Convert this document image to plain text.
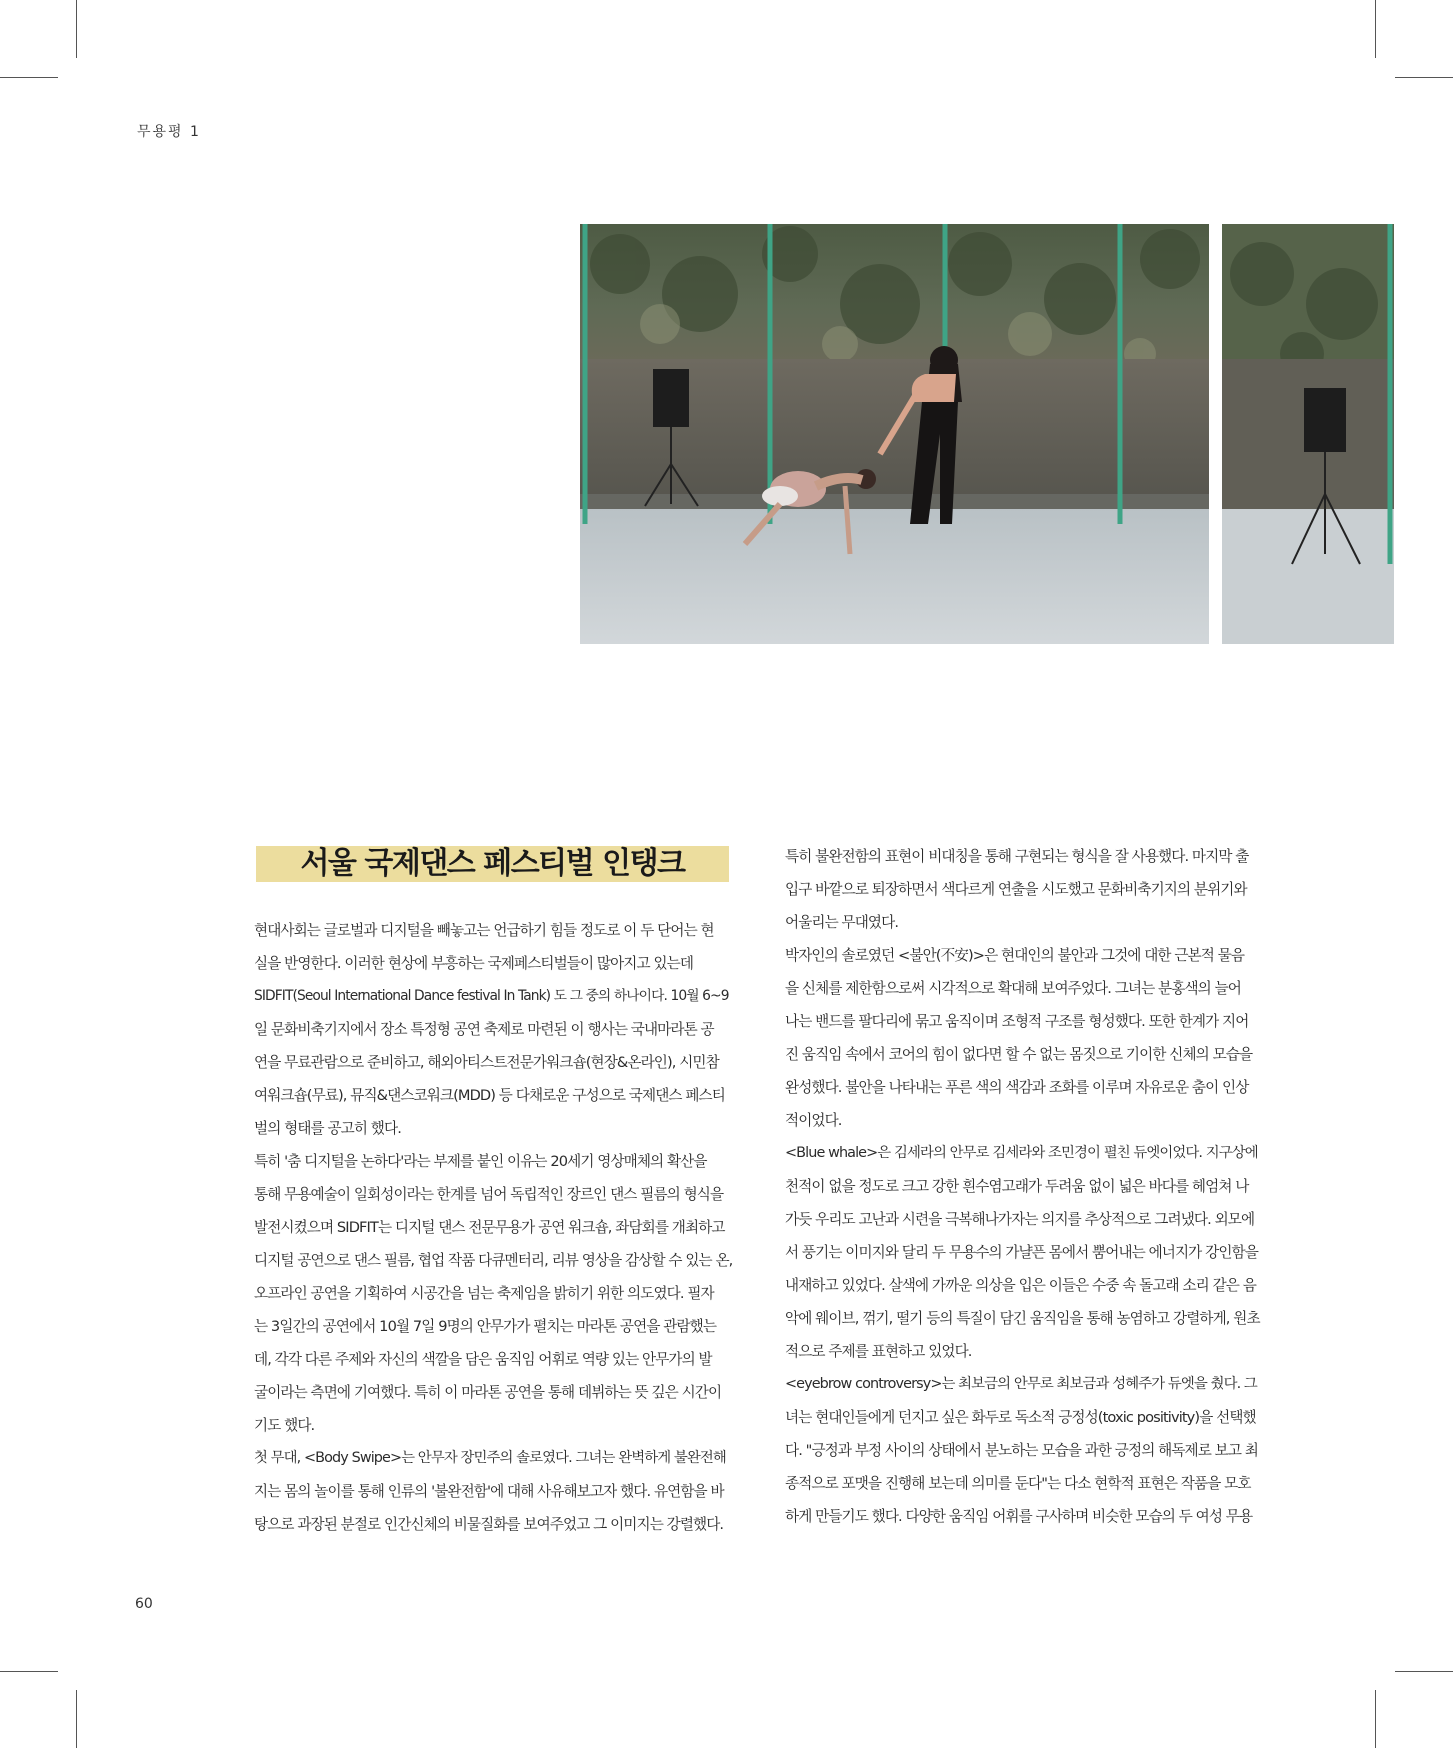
무용평 1
서울 국제댄스 페스티벌 인탱크

현대사회는 글로벌과 디지털을 빼놓고는 언급하기 힘들 정도로 이 두 단어는 현

실을 반영한다. 이러한 현상에 부흥하는 국제페스티벌들이 많아지고 있는데

SIDFIT(Seoul International Dance festival In Tank) 도 그 중의 하나이다. 10월 6~9

일 문화비축기지에서 장소 특정형 공연 축제로 마련된 이 행사는 국내마라톤 공

연을 무료관람으로 준비하고, 해외아티스트전문가워크숍(현장&온라인), 시민참

여워크숍(무료), 뮤직&댄스코워크(MDD) 등 다채로운 구성으로 국제댄스 페스티

벌의 형태를 공고히 했다.

특히 '춤 디지털을 논하다'라는 부제를 붙인 이유는 20세기 영상매체의 확산을

통해 무용예술이 일회성이라는 한계를 넘어 독립적인 장르인 댄스 필름의 형식을

발전시켰으며 SIDFIT는 디지털 댄스 전문무용가 공연 워크숍, 좌담회를 개최하고

디지털 공연으로 댄스 필름, 협업 작품 다큐멘터리, 리뷰 영상을 감상할 수 있는 온,

오프라인 공연을 기획하여 시공간을 넘는 축제임을 밝히기 위한 의도였다. 필자

는 3일간의 공연에서 10월 7일 9명의 안무가가 펼치는 마라톤 공연을 관람했는

데, 각각 다른 주제와 자신의 색깔을 담은 움직임 어휘로 역량 있는 안무가의 발

굴이라는 측면에 기여했다. 특히 이 마라톤 공연을 통해 데뷔하는 뜻 깊은 시간이

기도 했다.

첫 무대, <Body Swipe>는 안무자 장민주의 솔로였다. 그녀는 완벽하게 불완전해

지는 몸의 놀이를 통해 인류의 '불완전함'에 대해 사유해보고자 했다. 유연함을 바

탕으로 과장된 분절로 인간신체의 비물질화를 보여주었고 그 이미지는 강렬했다.

특히 불완전함의 표현이 비대칭을 통해 구현되는 형식을 잘 사용했다. 마지막 출

입구 바깥으로 퇴장하면서 색다르게 연출을 시도했고 문화비축기지의 분위기와

어울리는 무대였다.

박자인의 솔로였던 <불안(不安)>은 현대인의 불안과 그것에 대한 근본적 물음

을 신체를 제한함으로써 시각적으로 확대해 보여주었다. 그녀는 분홍색의 늘어

나는 밴드를 팔다리에 묶고 움직이며 조형적 구조를 형성했다. 또한 한계가 지어

진 움직임 속에서 코어의 힘이 없다면 할 수 없는 몸짓으로 기이한 신체의 모습을

완성했다. 불안을 나타내는 푸른 색의 색감과 조화를 이루며 자유로운 춤이 인상

적이었다.

<Blue whale>은 김세라의 안무로 김세라와 조민경이 펼친 듀엣이었다. 지구상에

천적이 없을 정도로 크고 강한 흰수염고래가 두려움 없이 넓은 바다를 헤엄쳐 나

가듯 우리도 고난과 시련을 극복해나가자는 의지를 추상적으로 그려냈다. 외모에

서 풍기는 이미지와 달리 두 무용수의 가냘픈 몸에서 뿜어내는 에너지가 강인함을

내재하고 있었다. 살색에 가까운 의상을 입은 이들은 수중 속 돌고래 소리 같은 음

악에 웨이브, 꺾기, 떨기 등의 특질이 담긴 움직임을 통해 농염하고 강렬하게, 원초

적으로 주제를 표현하고 있었다.

<eyebrow controversy>는 최보금의 안무로 최보금과 성혜주가 듀엣을 췄다. 그

녀는 현대인들에게 던지고 싶은 화두로 독소적 긍정성(toxic positivity)을 선택했

다. "긍정과 부정 사이의 상태에서 분노하는 모습을 과한 긍정의 해독제로 보고 최

종적으로 포맷을 진행해 보는데 의미를 둔다"는 다소 현학적 표현은 작품을 모호

하게 만들기도 했다. 다양한 움직임 어휘를 구사하며 비슷한 모습의 두 여성 무용

60
